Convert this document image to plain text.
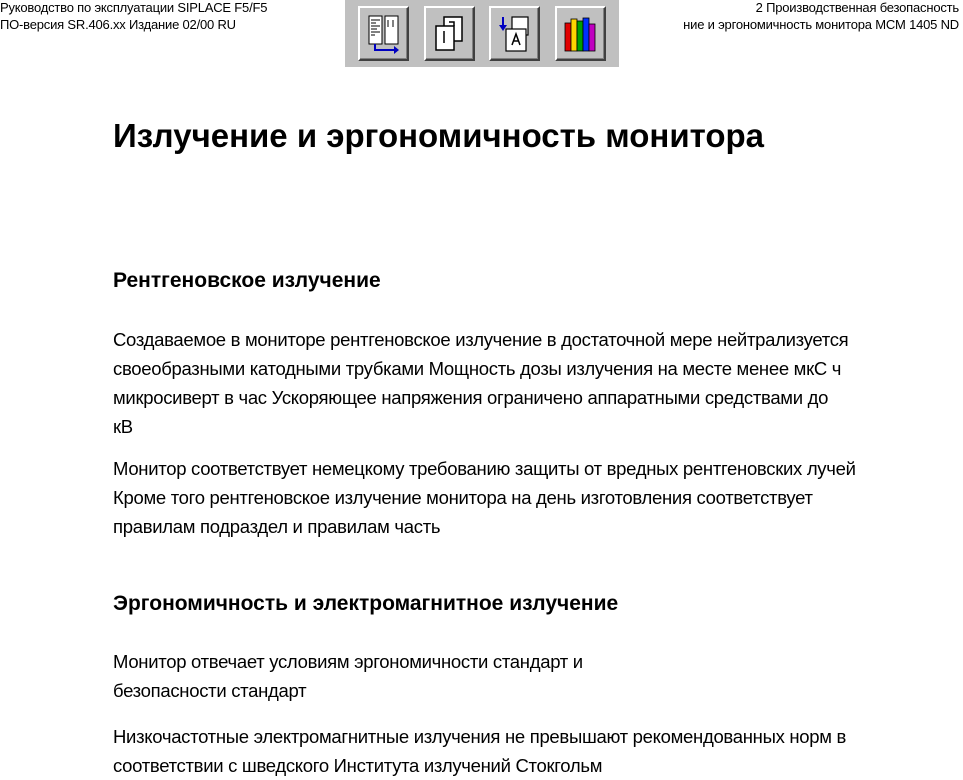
Руководство по эксплуатации SIPLACE F5/F5
ПО-версия SR.406.xx Издание 02/00 RU
2 Производственная безопасность
ние и эргономичность монитора MCM 1405 ND
Излучение и эргономичность монитора
Рентгеновское излучение
Создаваемое в мониторе рентгеновское излучение в достаточной мере нейтрализуется
своеобразными катодными трубками Мощность дозы излучения на месте менее мкС ч
микросиверт в час Ускоряющее напряжения ограничено аппаратными средствами до
кВ
Монитор соответствует немецкому требованию защиты от вредных рентгеновских лучей
Кроме того рентгеновское излучение монитора на день изготовления соответствует
правилам подраздел и правилам часть
Эргономичность и электромагнитное излучение
Монитор отвечает условиям эргономичности стандарт и
безопасности стандарт
Низкочастотные электромагнитные излучения не превышают рекомендованных норм в
соответствии с шведского Института излучений Стокгольм
